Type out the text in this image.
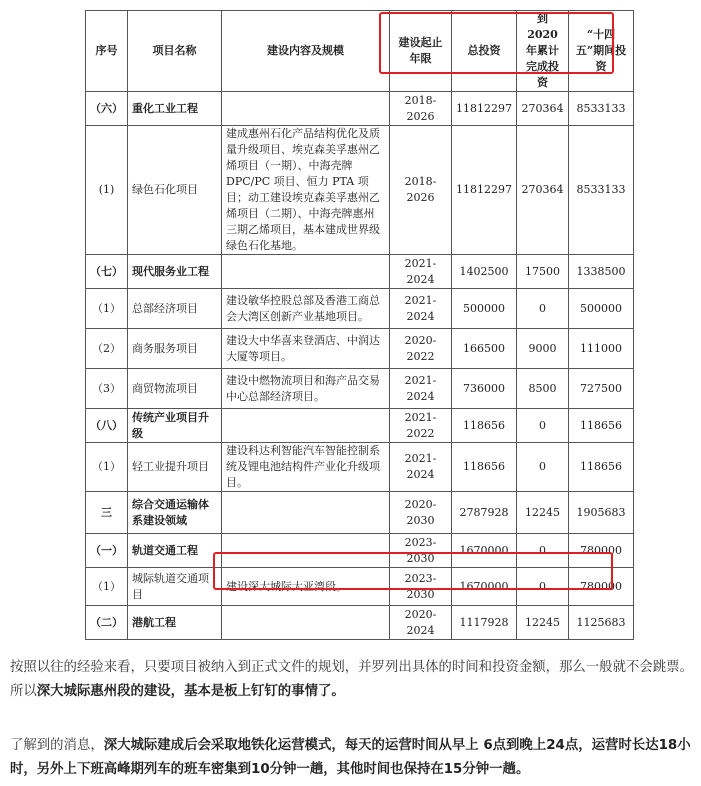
序号	项目名称	建设内容及规模	建设起止年限	总投资	到 2020 年累计完成投资	“十四五”期间投资
（六）	重化工业工程		2018-2026	11812297	270364	8533133
(1)	绿色石化项目	建成惠州石化产品结构优化及质量升级项目、埃克森美孚惠州乙烯项目（一期）、中海壳牌 DPC/PC 项目、恒力 PTA 项目；动工建设埃克森美孚惠州乙烯项目（二期）、中海壳牌惠州三期乙烯项目，基本建成世界级绿色石化基地。	2018-2026	11812297	270364	8533133
（七）	现代服务业工程		2021-2024	1402500	17500	1338500
（1）	总部经济项目	建设敏华控股总部及香港工商总会大湾区创新产业基地项目。	2021-2024	500000	0	500000
（2）	商务服务项目	建设大中华喜来登酒店、中润达大厦等项目。	2020-2022	166500	9000	111000
（3）	商贸物流项目	建设中燃物流项目和海产品交易中心总部经济项目。	2021-2024	736000	8500	727500
（八）	传统产业项目升级		2021-2022	118656	0	118656
（1）	轻工业提升项目	建设科达利智能汽车智能控制系统及锂电池结构件产业化升级项目。	2021-2024	118656	0	118656
三	综合交通运输体系建设领域		2020-2030	2787928	12245	1905683
（一）	轨道交通工程		2023-2030	1670000	0	780000
（1）	城际轨道交通项目	建设深大城际大亚湾段。	2023-2030	1670000	0	780000
（二）	港航工程		2020-2024	1117928	12245	1125683

按照以往的经验来看，只要项目被纳入到正式文件的规划，并罗列出具体的时间和投资金额，那么一般就不会跳票。所以深大城际惠州段的建设，基本是板上钉钉的事情了。

了解到的消息，深大城际建成后会采取地铁化运营模式，每天的运营时间从早上 6点到晚上24点，运营时长达18小时，另外上下班高峰期列车的班车密集到10分钟一趟，其他时间也保持在15分钟一趟。
